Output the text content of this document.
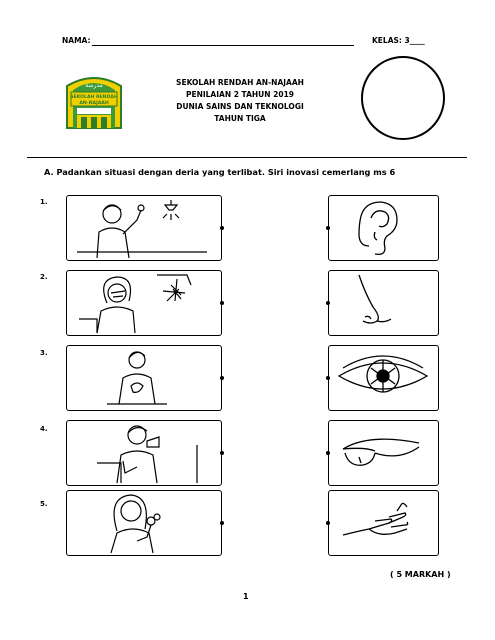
NAMA:	KELAS: 3____
مدرسة
SEKOLAH RENDAH
AN-NAJAAH
SEKOLAH RENDAH AN-NAJAAH
PENILAIAN 2 TAHUN 2019
DUNIA SAINS DAN TEKNOLOGI
TAHUN TIGA
A. Padankan situasi dengan deria yang terlibat. Siri inovasi cemerlang ms 6
1.
2.
3.
4.
5.
( 5 MARKAH )
1
